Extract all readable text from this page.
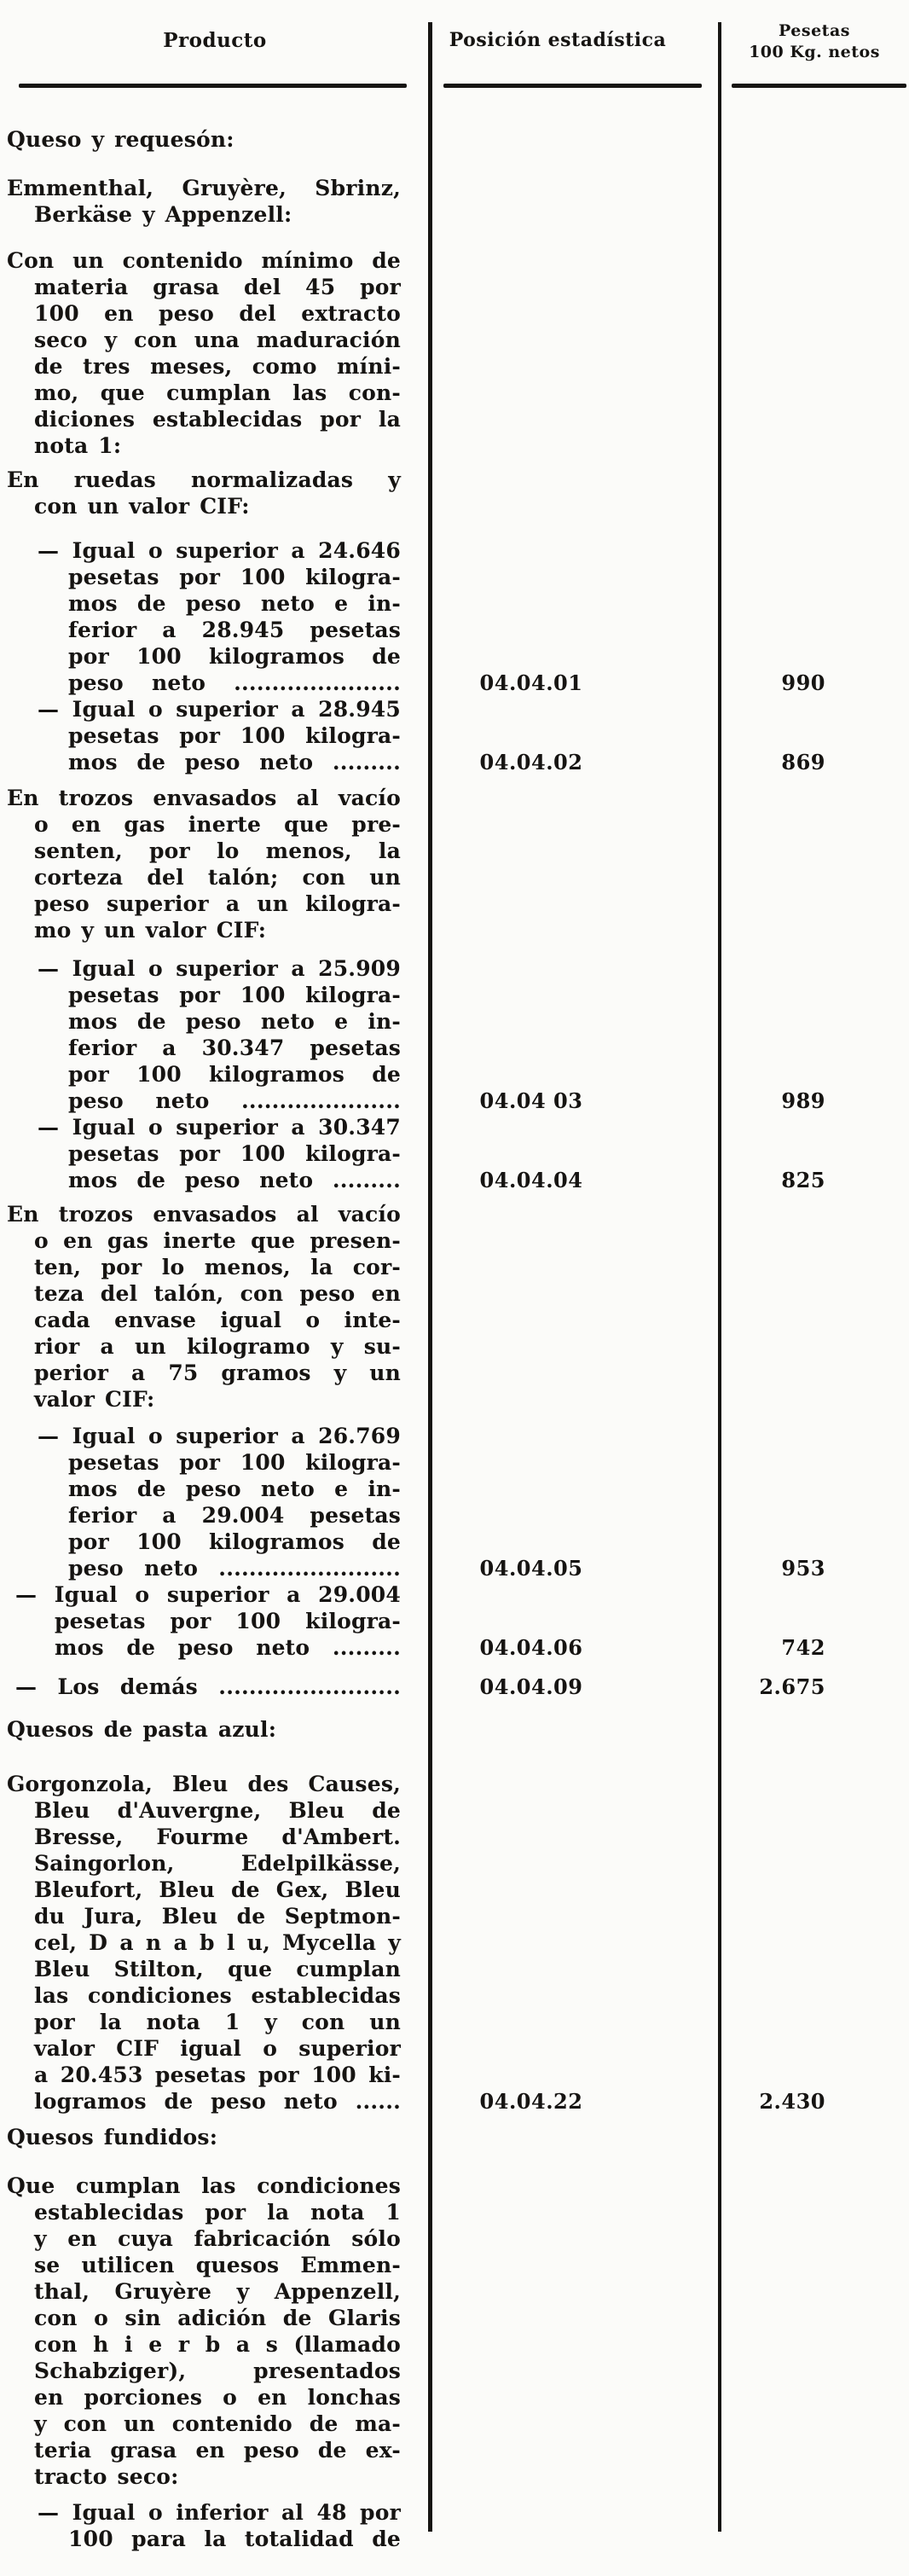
Producto	Posición estadística	Pesetas
100 Kg. netos
Queso y requesón:
Emmenthal, Gruyère, Sbrinz,
Berkäse y Appenzell:
Con un contenido mínimo de
materia grasa del 45 por
100 en peso del extracto
seco y con una maduración
de tres meses, como míni-
mo, que cumplan las con-
diciones establecidas por la
nota 1:
En ruedas normalizadas y
con un valor CIF:
— Igual o superior a 24.646
pesetas por 100 kilogra-
mos de peso neto e in-
ferior a 28.945 pesetas
por 100 kilogramos de
peso neto ......................	04.04.01	990
— Igual o superior a 28.945
pesetas por 100 kilogra-
mos de peso neto .........	04.04.02	869
En trozos envasados al vacío
o en gas inerte que pre-
senten, por lo menos, la
corteza del talón; con un
peso superior a un kilogra-
mo y un valor CIF:
— Igual o superior a 25.909
pesetas por 100 kilogra-
mos de peso neto e in-
ferior a 30.347 pesetas
por 100 kilogramos de
peso neto .....................	04.04 03	989
— Igual o superior a 30.347
pesetas por 100 kilogra-
mos de peso neto .........	04.04.04	825
En trozos envasados al vacío
o en gas inerte que presen-
ten, por lo menos, la cor-
teza del talón, con peso en
cada envase igual o inte-
rior a un kilogramo y su-
perior a 75 gramos y un
valor CIF:
— Igual o superior a 26.769
pesetas por 100 kilogra-
mos de peso neto e in-
ferior a 29.004 pesetas
por 100 kilogramos de
peso neto ........................	04.04.05	953
— Igual o superior a 29.004
pesetas por 100 kilogra-
mos de peso neto .........	04.04.06	742
— Los demás ........................	04.04.09	2.675
Quesos de pasta azul:
Gorgonzola, Bleu des Causes,
Bleu d'Auvergne, Bleu de
Bresse, Fourme d'Ambert.
Saingorlon, Edelpilkässe,
Bleufort, Bleu de Gex, Bleu
du Jura, Bleu de Septmon-
cel, D a n a b l u, Mycella y
Bleu Stilton, que cumplan
las condiciones establecidas
por la nota 1 y con un
valor CIF igual o superior
a 20.453 pesetas por 100 ki-
logramos de peso neto ......	04.04.22	2.430
Quesos fundidos:
Que cumplan las condiciones
establecidas por la nota 1
y en cuya fabricación sólo
se utilicen quesos Emmen-
thal, Gruyère y Appenzell,
con o sin adición de Glaris
con h i e r b a s (llamado
Schabziger), presentados
en porciones o en lonchas
y con un contenido de ma-
teria grasa en peso de ex-
tracto seco:
— Igual o inferior al 48 por
100 para la totalidad de
